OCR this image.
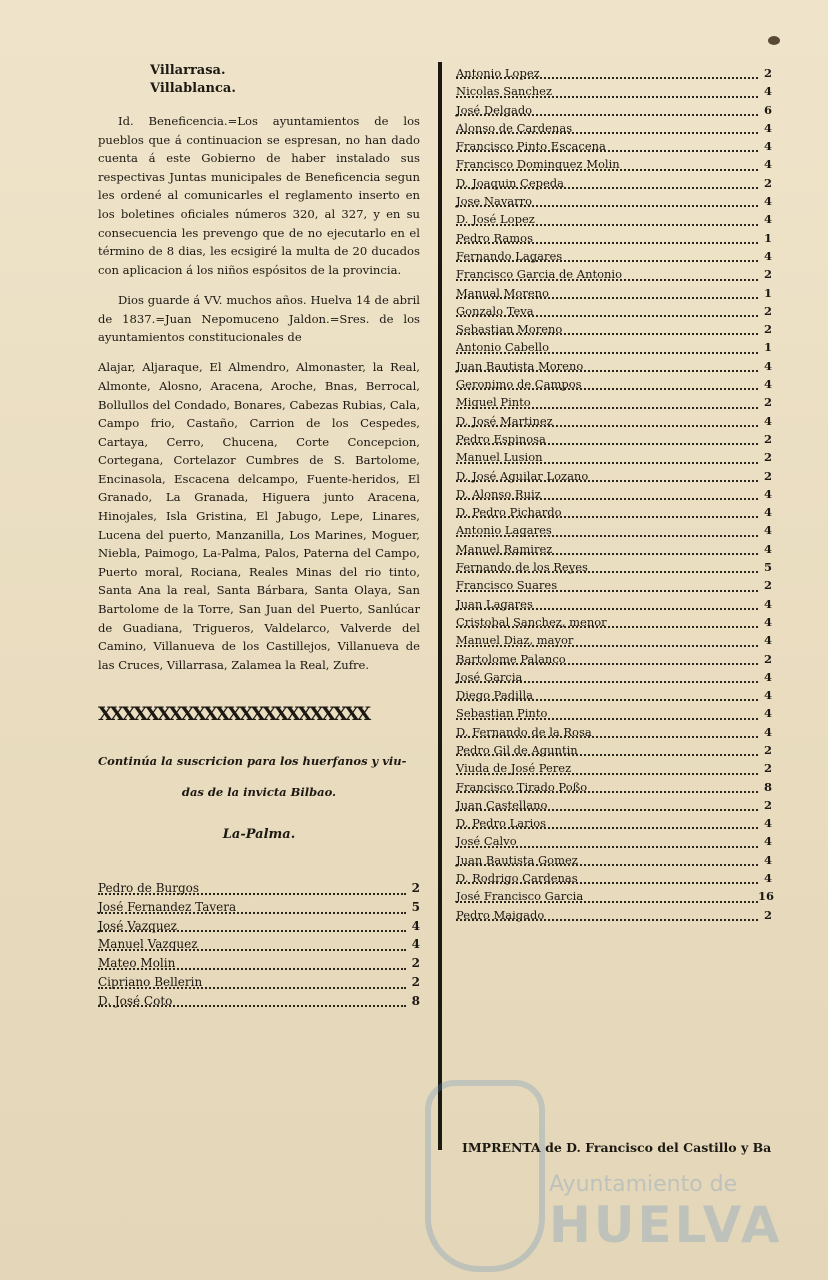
Villarrasa.
Villablanca.

Id. Beneficencia.=Los ayuntamientos de los pueblos que á continuacion se espresan, no han dado cuenta á este Gobierno de haber instalado sus respectivas Juntas municipales de Beneficencia segun les ordené al comunicarles el reglamento inserto en los boletines oficiales números 320, al 327, y en su consecuencia les prevengo que de no ejecutarlo en el término de 8 dias, les ecsigiré la multa de 20 ducados con aplicacion á los niños espósitos de la provincia.

Dios guarde á VV. muchos años. Huelva 14 de abril de 1837.=Juan Nepomuceno Jaldon.=Sres. de los ayuntamientos constitucionales de

Alajar, Aljaraque, El Almendro, Almonaster, la Real, Almonte, Alosno, Aracena, Aroche, Bnas, Berrocal, Bollullos del Condado, Bonares, Cabezas Rubias, Cala, Campo frio, Castaño, Carrion de los Cespedes, Cartaya, Cerro, Chucena, Corte Concepcion, Cortegana, Cortelazor Cumbres de S. Bartolome, Encinasola, Escacena delcampo, Fuente-heridos, El Granado, La Granada, Higuera junto Aracena, Hinojales, Isla Gristina, El Jabugo, Lepe, Linares, Lucena del puerto, Manzanilla, Los Marines, Moguer, Niebla, Paimogo, La-Palma, Palos, Paterna del Campo, Puerto moral, Rociana, Reales Minas del rio tinto, Santa Ana la real, Santa Bárbara, Santa Olaya, San Bartolome de la Torre, San Juan del Puerto, Sanlúcar de Guadiana, Trigueros, Valdelarco, Valverde del Camino, Villanueva de los Castillejos, Villanueva de las Cruces, Villarrasa, Zalamea la Real, Zufre.

XXXXXXXXXXXXXXXXXXXXXXX
Continúa la suscricion para los huerfanos y viu-
das de la invicta Bilbao.
La-Palma.
Pedro de Burgos	2
José Fernandez Tavera	5
José Vazquez	4
Manuel Vazquez	4
Mateo Molin	2
Cipriano Bellerin	2
D. José Coto	8
Antonio Lopez	2
Nicolas Sanchez	4
José Delgado	6
Alonso de Cardenas	4
Francisco Pinto Escacena	4
Francisco Dominguez Molin	4
D. Joaquin Cepeda	2
Jose Navarro	4
D. José Lopez	4
Pedro Ramos	1
Fernando Lagares	4
Francisco Garcia de Antonio	2
Manual Moreno	1
Gonzalo Teva	2
Sebastian Moreno	2
Antonio Cabello	1
Juan Bautista Moreno	4
Geronimo de Campos	4
Miguel Pinto	2
D. José Martinez	4
Pedro Espinosa	2
Manuel Lusion	2
D. José Aguilar Lozano	2
D. Alonso Ruiz	4
D. Pedro Pichardo	4
Antonio Lagares	4
Manuel Ramirez	4
Fernando de los Reyes	5
Francisco Suares	2
Juan Lagares	4
Cristobal Sanchez, menor	4
Manuel Diaz, mayor	4
Bartolome Palanco	2
José Garcia	4
Diego Padilla	4
Sebastian Pinto	4
D. Fernando de la Rosa	4
Pedro Gil de Aguntin	2
Viuda de José Perez	2
Francisco Tirado Poßo	8
Juan Castellano	2
D. Pedro Larios	4
José Calvo	4
Juan Bautista Gomez	4
D. Rodrigo Cardenas	4
José Francisco Garcia	16
Pedro Maigado	2
IMPRENTA de D. Francisco del Castillo y Ba
Ayuntamiento de
HUELVA
